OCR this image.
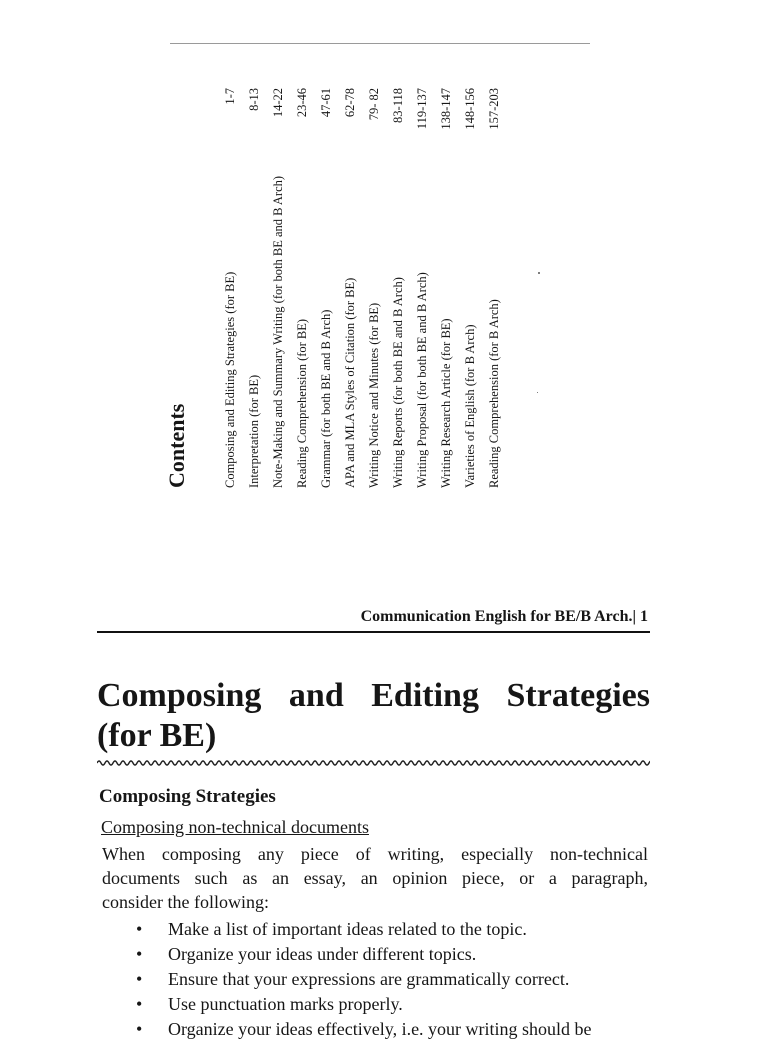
Contents	Composing and Editing Strategies (for BE)
1-7
Interpretation (for BE)
8-13
Note-Making and Summary Writing (for both BE and B Arch)
14-22
Reading Comprehension (for BE)
23-46
Grammar (for both BE and B Arch)
47-61
APA and MLA Styles of Citation (for BE)
62-78
Writing Notice and Minutes (for BE)
79- 82
Writing Reports (for both BE and B Arch)
83-118
Writing Proposal (for both BE and B Arch)
119-137
Writing Research Article (for BE)
138-147
Varieties of English (for B Arch)
148-156
Reading Comprehension (for B Arch)
157-203
Communication English for BE/B Arch.| 1
Composing and Editing Strategies
(for BE)
Composing Strategies
Composing non-technical documents

When composing any piece of writing, especially non-technical
documents such as an essay, an opinion piece, or a paragraph,
consider the following:

• Make a list of important ideas related to the topic.
• Organize your ideas under different topics.
• Ensure that your expressions are grammatically correct.
• Use punctuation marks properly.
• Organize your ideas effectively, i.e. your writing should be
